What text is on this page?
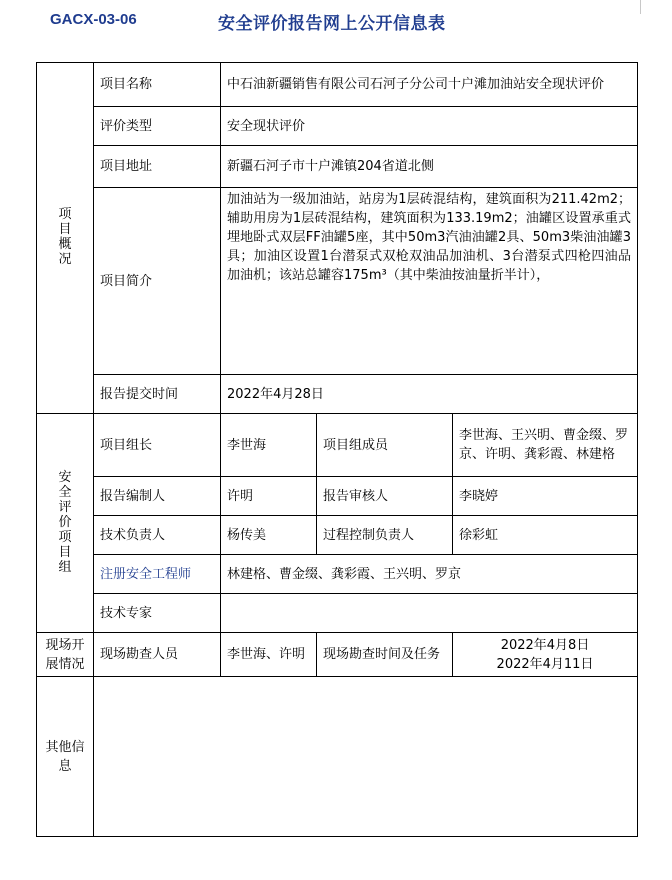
GACX-03-06	安全评价报告网上公开信息表
项目概况	项目名称	中石油新疆销售有限公司石河子分公司十户滩加油站安全现状评价		
	评价类型	安全现状评价		
	项目地址	新疆石河子市十户滩镇204省道北侧		
	项目简介	加油站为一级加油站，站房为1层砖混结构，建筑面积为211.42m2；辅助用房为1层砖混结构，建筑面积为133.19m2；油罐区设置承重式埋地卧式双层FF油罐5座，其中50m3汽油油罐2具、50m3柴油油罐3具；加油区设置1台潜泵式双枪双油品加油机、3台潜泵式四枪四油品加油机；该站总罐容175m³（其中柴油按油量折半计），		
	报告提交时间	2022年4月28日		
安全评价项目组	项目组长	李世海	项目组成员	李世海、王兴明、曹金缀、罗京、许明、龚彩霞、林建格
	报告编制人	许明	报告审核人	李晓婷
	技术负责人	杨传美	过程控制负责人	徐彩虹
	注册安全工程师	林建格、曹金缀、龚彩霞、王兴明、罗京		
	技术专家			
现场开展情况	现场勘查人员	李世海、许明	现场勘查时间及任务	2022年4月8日
2022年4月11日

其他信息				
